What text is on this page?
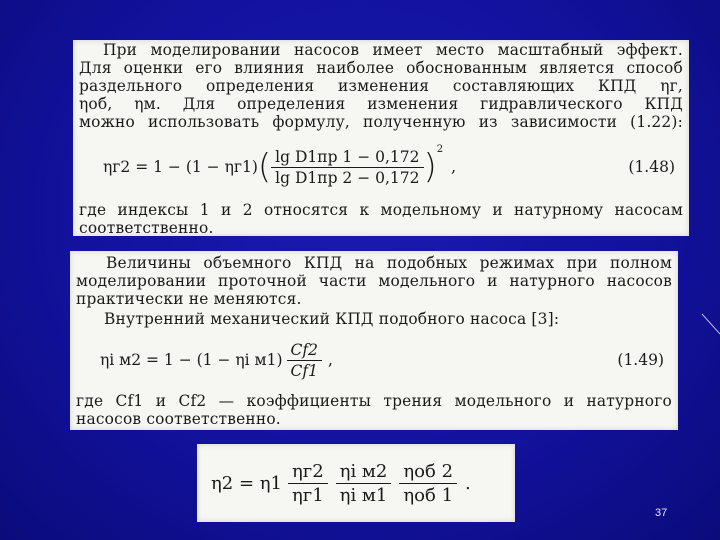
При моделировании насосов имеет место масштабный эффект.
Для оценки его влияния наиболее обоснованным является способ
раздельного определения изменения составляющих КПД ηг,
ηоб, ηм. Для определения изменения гидравлического КПД
можно использовать формулу, полученную из зависимости (1.22):
ηг2 = 1 − (1 − ηг1) ( $\frac{\text{lg D1пр 1 − 0,172}}{\text{lg D1пр 2 − 0,172}}$ ) 2
,	(1.48)
где индексы 1 и 2 относятся к модельному и натурному насосам
соответственно.
Величины объемного КПД на подобных режимах при полном
моделировании проточной части модельного и натурного насосов
практически не меняются.
Внутренний механический КПД подобного насоса [3]:
ηi м2 = 1 − (1 − ηi $м1) \frac{Cf2}{Cf1}$ ,	(1.49)
где Cf1 и Cf2 — коэффициенты трения модельного и натурного
насосов соответственно.
$\eta 2 = \eta 1 \frac{\eta г2}{\eta г1} \frac{\text{ηi м2}}{\text{ηi м1}} \frac{\text{ηоб 2}}{\text{ηоб 1}}$ .
37
